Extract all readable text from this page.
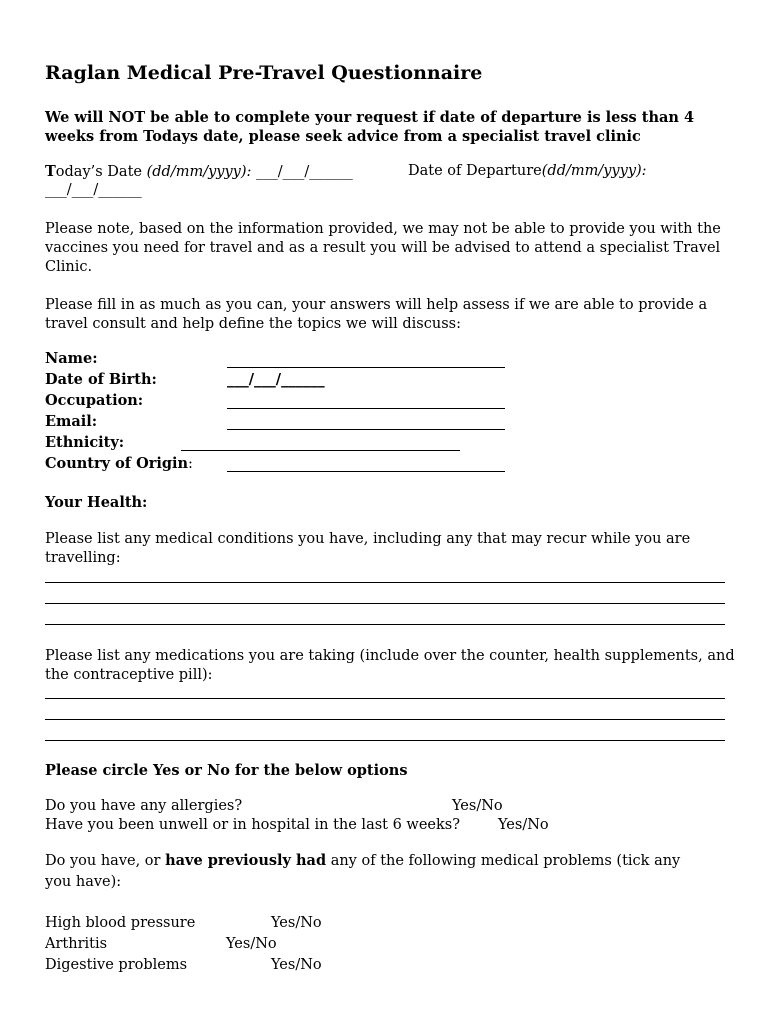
Raglan Medical Pre-Travel Questionnaire
We will NOT be able to complete your request if date of departure is less than 4
weeks from Todays date, please seek advice from a specialist travel clinic
Today’s Date (dd/mm/yyyy): ___/___/______	Date of Departure(dd/mm/yyyy):
___/___/______
Please note, based on the information provided, we may not be able to provide you with the vaccines you need for travel and as a result you will be advised to attend a specialist Travel Clinic.
Please fill in as much as you can, your answers will help assess if we are able to provide a travel consult and help define the topics we will discuss:
Name:
Date of Birth:	___/___/______
Occupation:
Email:
Ethnicity:
Country of Origin:
Your Health:
Please list any medical conditions you have, including any that may recur while you are travelling:
Please list any medications you are taking (include over the counter, health supplements, and the contraceptive pill):
Please circle Yes or No for the below options
Do you have any allergies?	Yes/No
Have you been unwell or in hospital in the last 6 weeks?	Yes/No
Do you have, or have previously had any of the following medical problems (tick any
you have):
High blood pressure	Yes/No
Arthritis	Yes/No
Digestive problems	Yes/No
